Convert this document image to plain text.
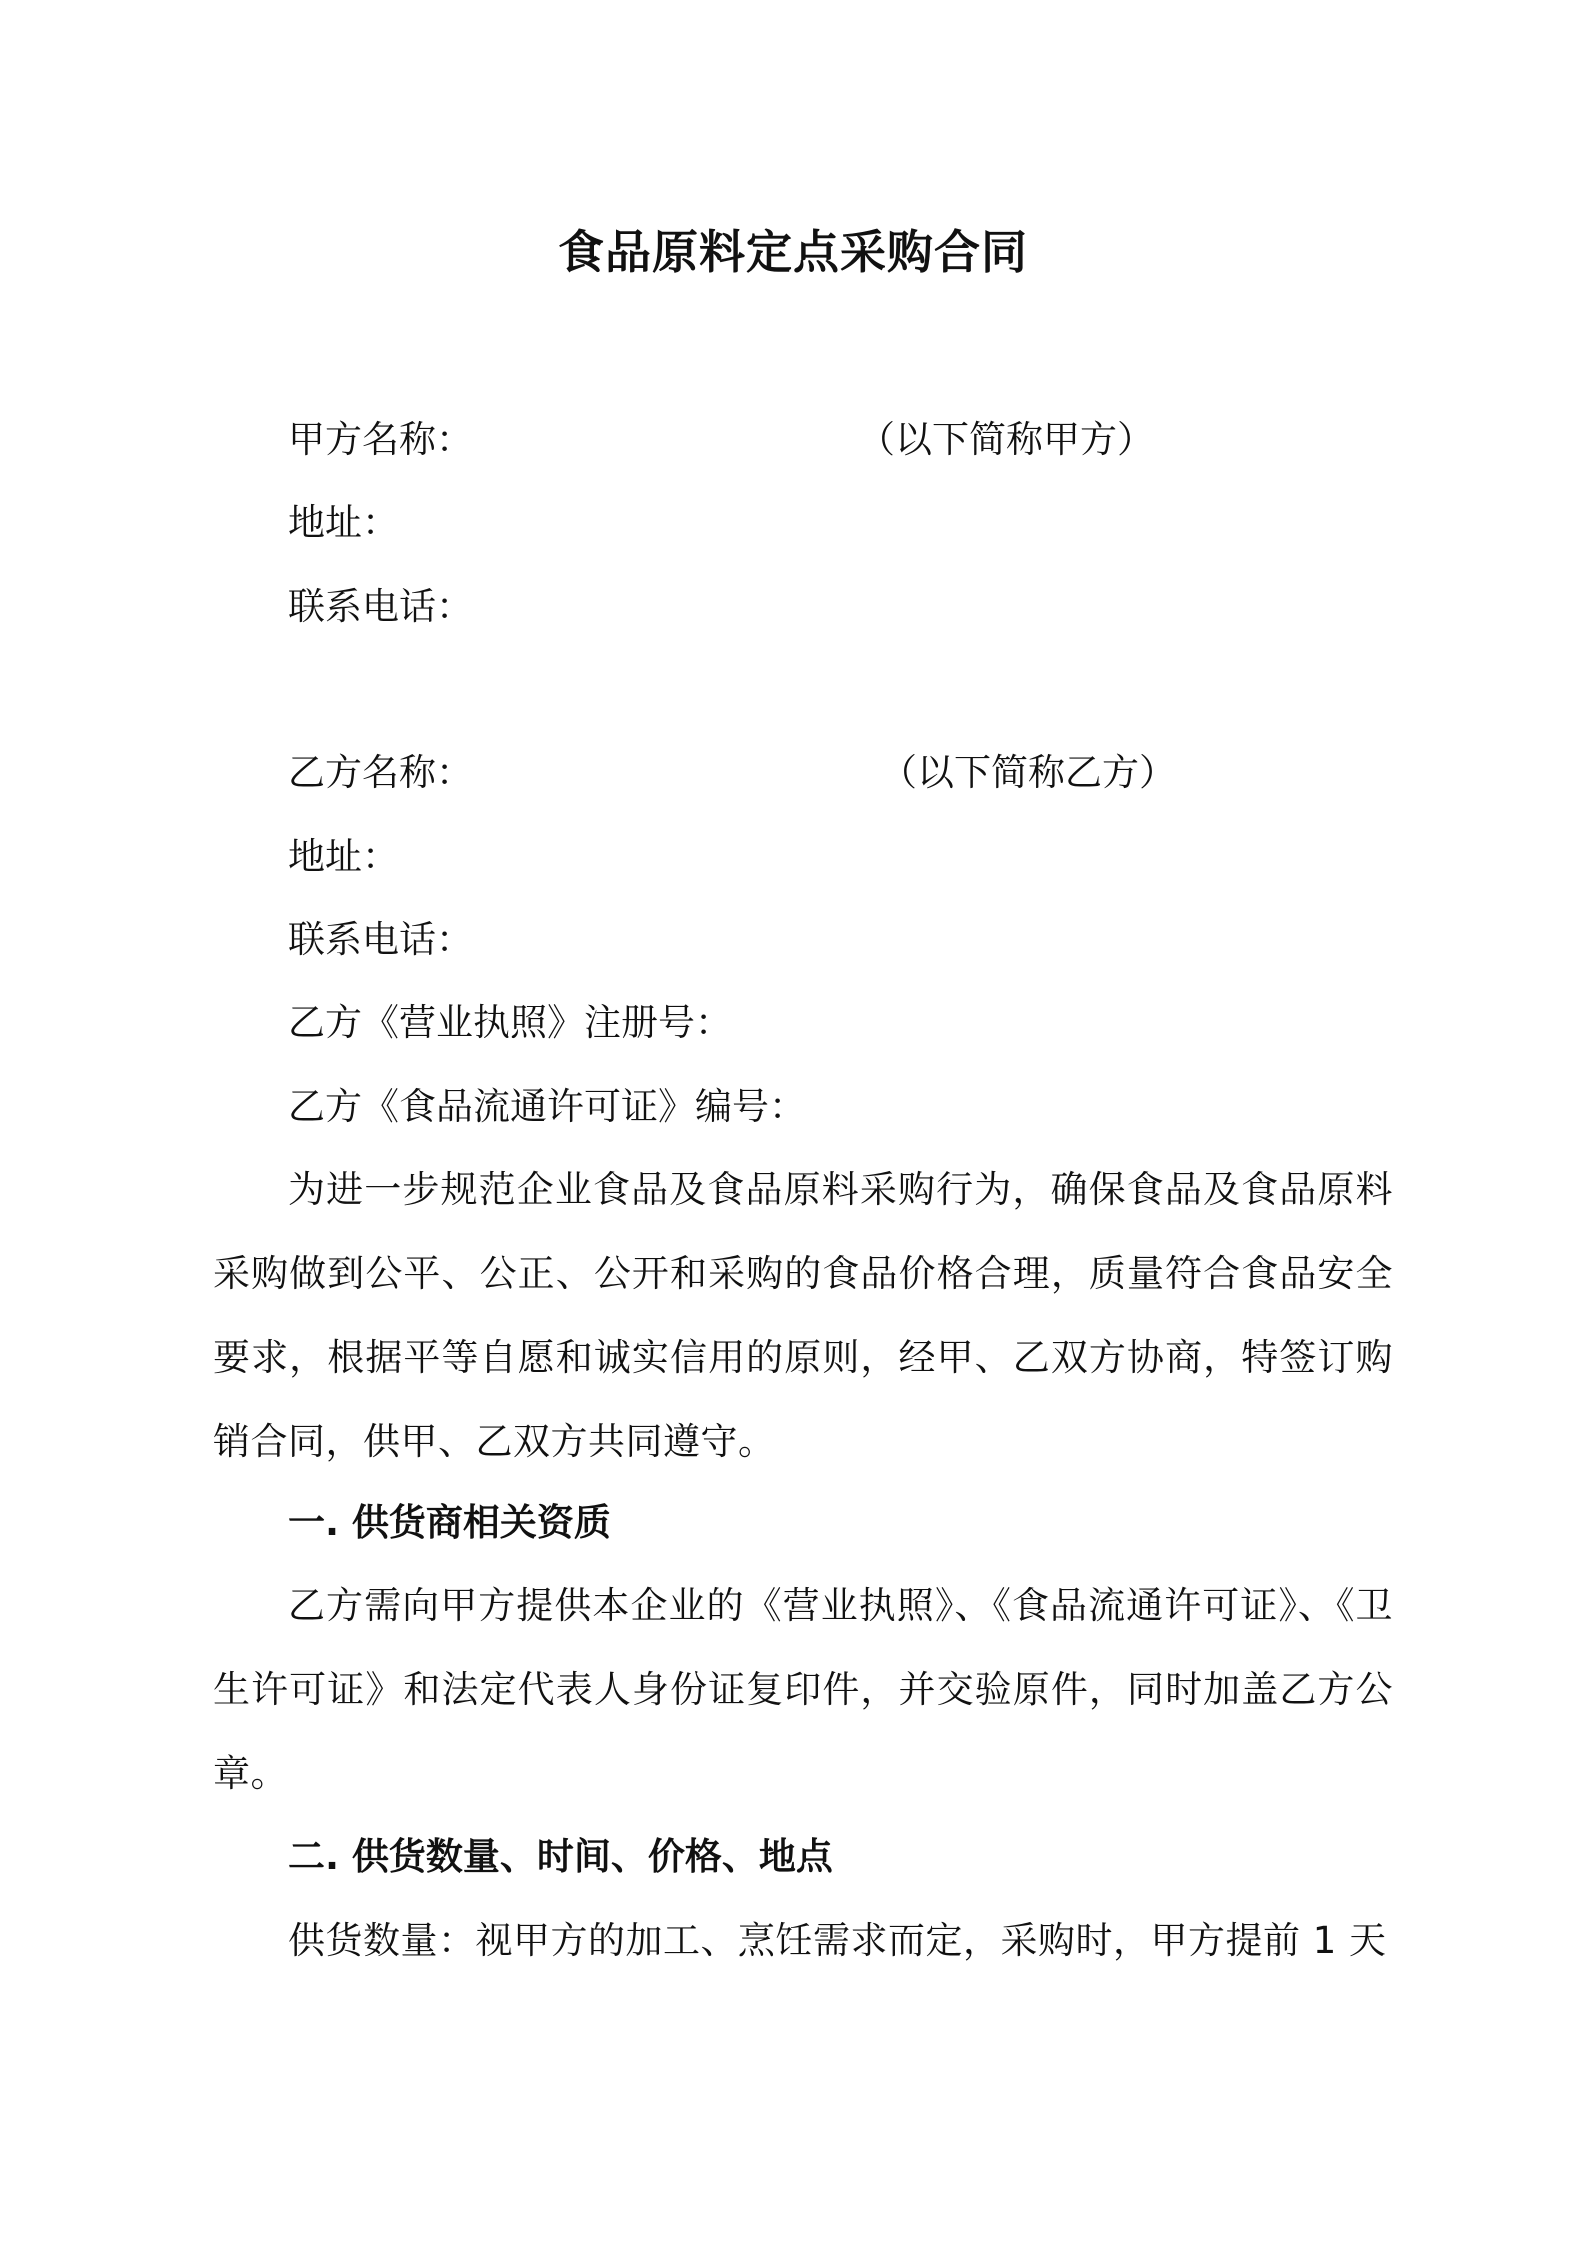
食品原料定点采购合同
甲方名称：	（以下简称甲方）
地址：
联系电话：
乙方名称：	（以下简称乙方）
地址：
联系电话：
乙方《营业执照》注册号：
乙方《食品流通许可证》编号：
为进一步规范企业食品及食品原料采购行为，确保食品及食品原料采购做到公平、公正、公开和采购的食品价格合理，质量符合食品安全要求，根据平等自愿和诚实信用的原则，经甲、乙双方协商，特签订购销合同，供甲、乙双方共同遵守。
一. 供货商相关资质
乙方需向甲方提供本企业的《营业执照》、《食品流通许可证》、《卫生许可证》和法定代表人身份证复印件，并交验原件，同时加盖乙方公章。
二. 供货数量、时间、价格、地点
供货数量：视甲方的加工、烹饪需求而定，采购时，甲方提前 1 天
